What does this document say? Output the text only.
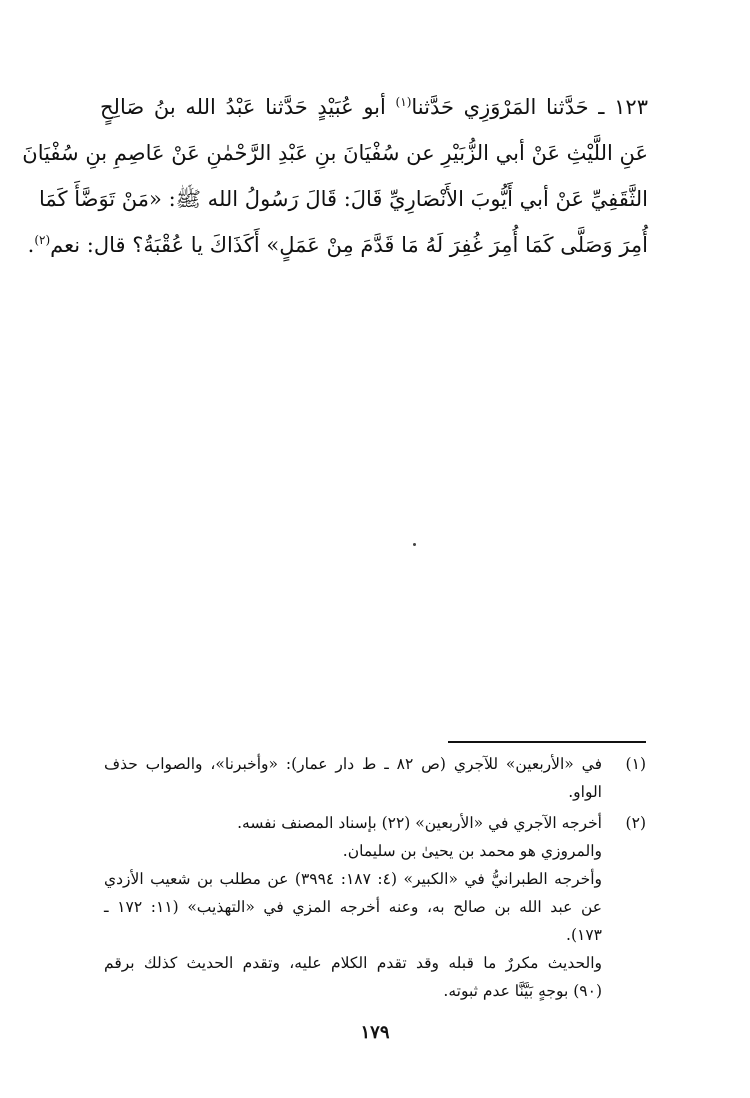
١٢٣ ـ حَدَّثنا المَرْوَزِي حَدَّثنا$^{(١)}$ أبو عُبَيْدٍ حَدَّثنا عَبْدُ الله بنُ صَالِحٍ
عَنِ اللَّيْثِ عَنْ أبي الزُّبَيْرِ عن سُفْيَانَ بنِ عَبْدِ الرَّحْمٰنِ عَنْ عَاصِمِ بنِ سُفْيَانَ
الثَّقَفِيِّ عَنْ أبي أَيُّوبَ الأَنْصَارِيِّ قَالَ: قَالَ رَسُولُ الله ﷺ: «مَنْ تَوَضَّأَ كَمَا
أُمِرَ وَصَلَّى كَمَا أُمِرَ غُفِرَ لَهُ مَا قَدَّمَ مِنْ عَمَلٍ» أَكَذَاكَ يا عُقْبَةُ؟ قال: نعم$^{(٢)}$.
(١)
في «الأربعين» للآجري (ص ٨٢ ـ ط دار عمار): «وأخبرنا»، والصواب حذف
الواو.
(٢)
أخرجه الآجري في «الأربعين» (٢٢) بإسناد المصنف نفسه.
والمروزي هو محمد بن يحيىٰ بن سليمان.
وأخرجه الطبرانيُّ في «الكبير» (٤: ١٨٧: ٣٩٩٤) عن مطلب بن شعيب الأزدي
عن عبد الله بن صالح به، وعنه أخرجه المزي في «التهذيب» (١١: ١٧٢ ـ
١٧٣).
والحديث مكررٌ ما قبله وقد تقدم الكلام عليه، وتقدم الحديث كذلك برقم
(٩٠) بوجهٍ بَيَّنَّا عدم ثبوته.
١٧٩
